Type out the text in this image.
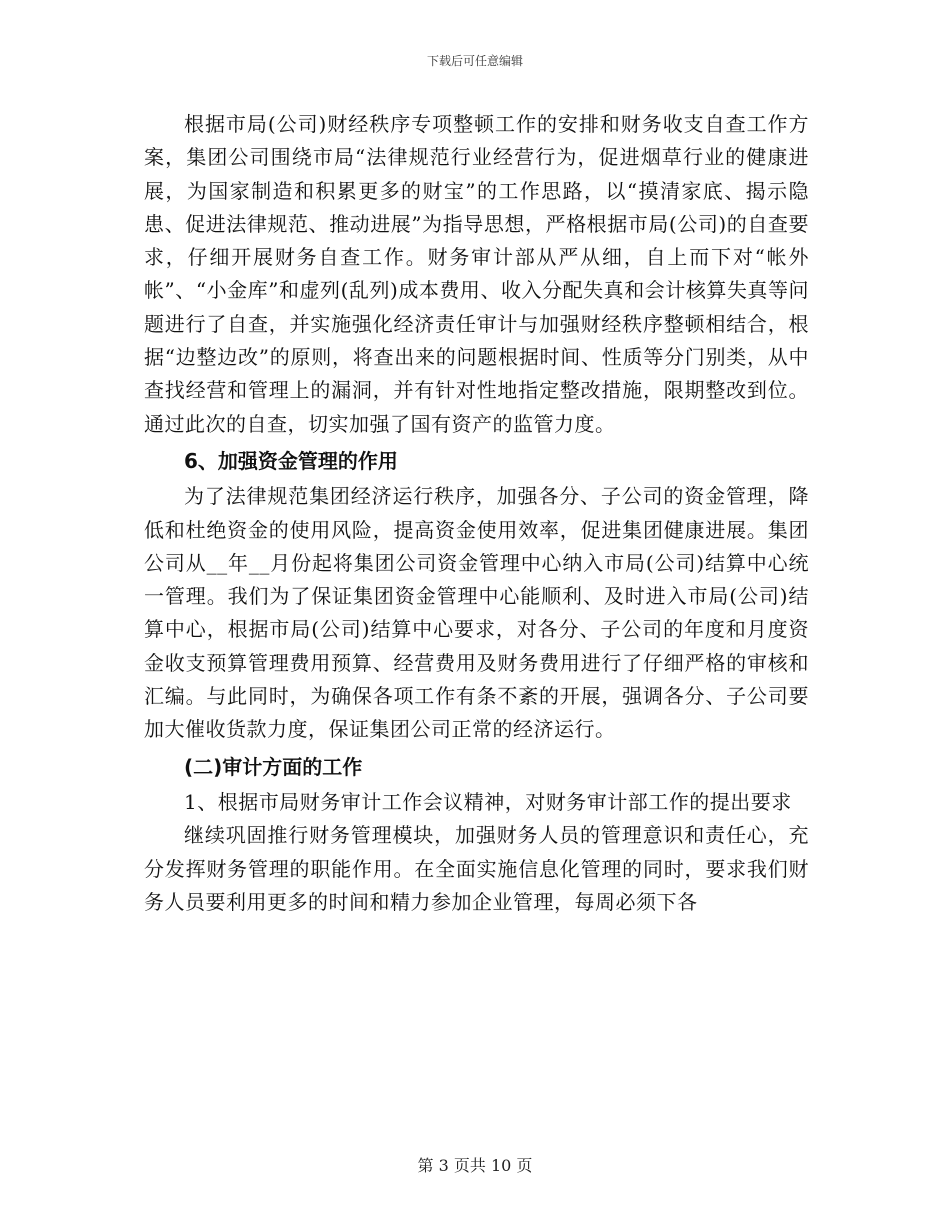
下载后可任意编辑

根据市局(公司)财经秩序专项整顿工作的安排和财务收支自查工作方案，集团公司围绕市局“法律规范行业经营行为，促进烟草行业的健康进展，为国家制造和积累更多的财宝”的工作思路，以“摸清家底、揭示隐患、促进法律规范、推动进展”为指导思想，严格根据市局(公司)的自查要求，仔细开展财务自查工作。财务审计部从严从细，自上而下对“帐外帐”、“小金库”和虚列(乱列)成本费用、收入分配失真和会计核算失真等问题进行了自查，并实施强化经济责任审计与加强财经秩序整顿相结合，根据“边整边改”的原则，将查出来的问题根据时间、性质等分门别类，从中查找经营和管理上的漏洞，并有针对性地指定整改措施，限期整改到位。通过此次的自查，切实加强了国有资产的监管力度。

6、加强资金管理的作用

为了法律规范集团经济运行秩序，加强各分、子公司的资金管理，降低和杜绝资金的使用风险，提高资金使用效率，促进集团健康进展。集团公司从__年__月份起将集团公司资金管理中心纳入市局(公司)结算中心统一管理。我们为了保证集团资金管理中心能顺利、及时进入市局(公司)结算中心，根据市局(公司)结算中心要求，对各分、子公司的年度和月度资金收支预算管理费用预算、经营费用及财务费用进行了仔细严格的审核和汇编。与此同时，为确保各项工作有条不紊的开展，强调各分、子公司要加大催收货款力度，保证集团公司正常的经济运行。

(二)审计方面的工作

1、根据市局财务审计工作会议精神，对财务审计部工作的提出要求

继续巩固推行财务管理模块，加强财务人员的管理意识和责任心，充分发挥财务管理的职能作用。在全面实施信息化管理的同时，要求我们财务人员要利用更多的时间和精力参加企业管理，每周必须下各

第 3 页共 10 页
